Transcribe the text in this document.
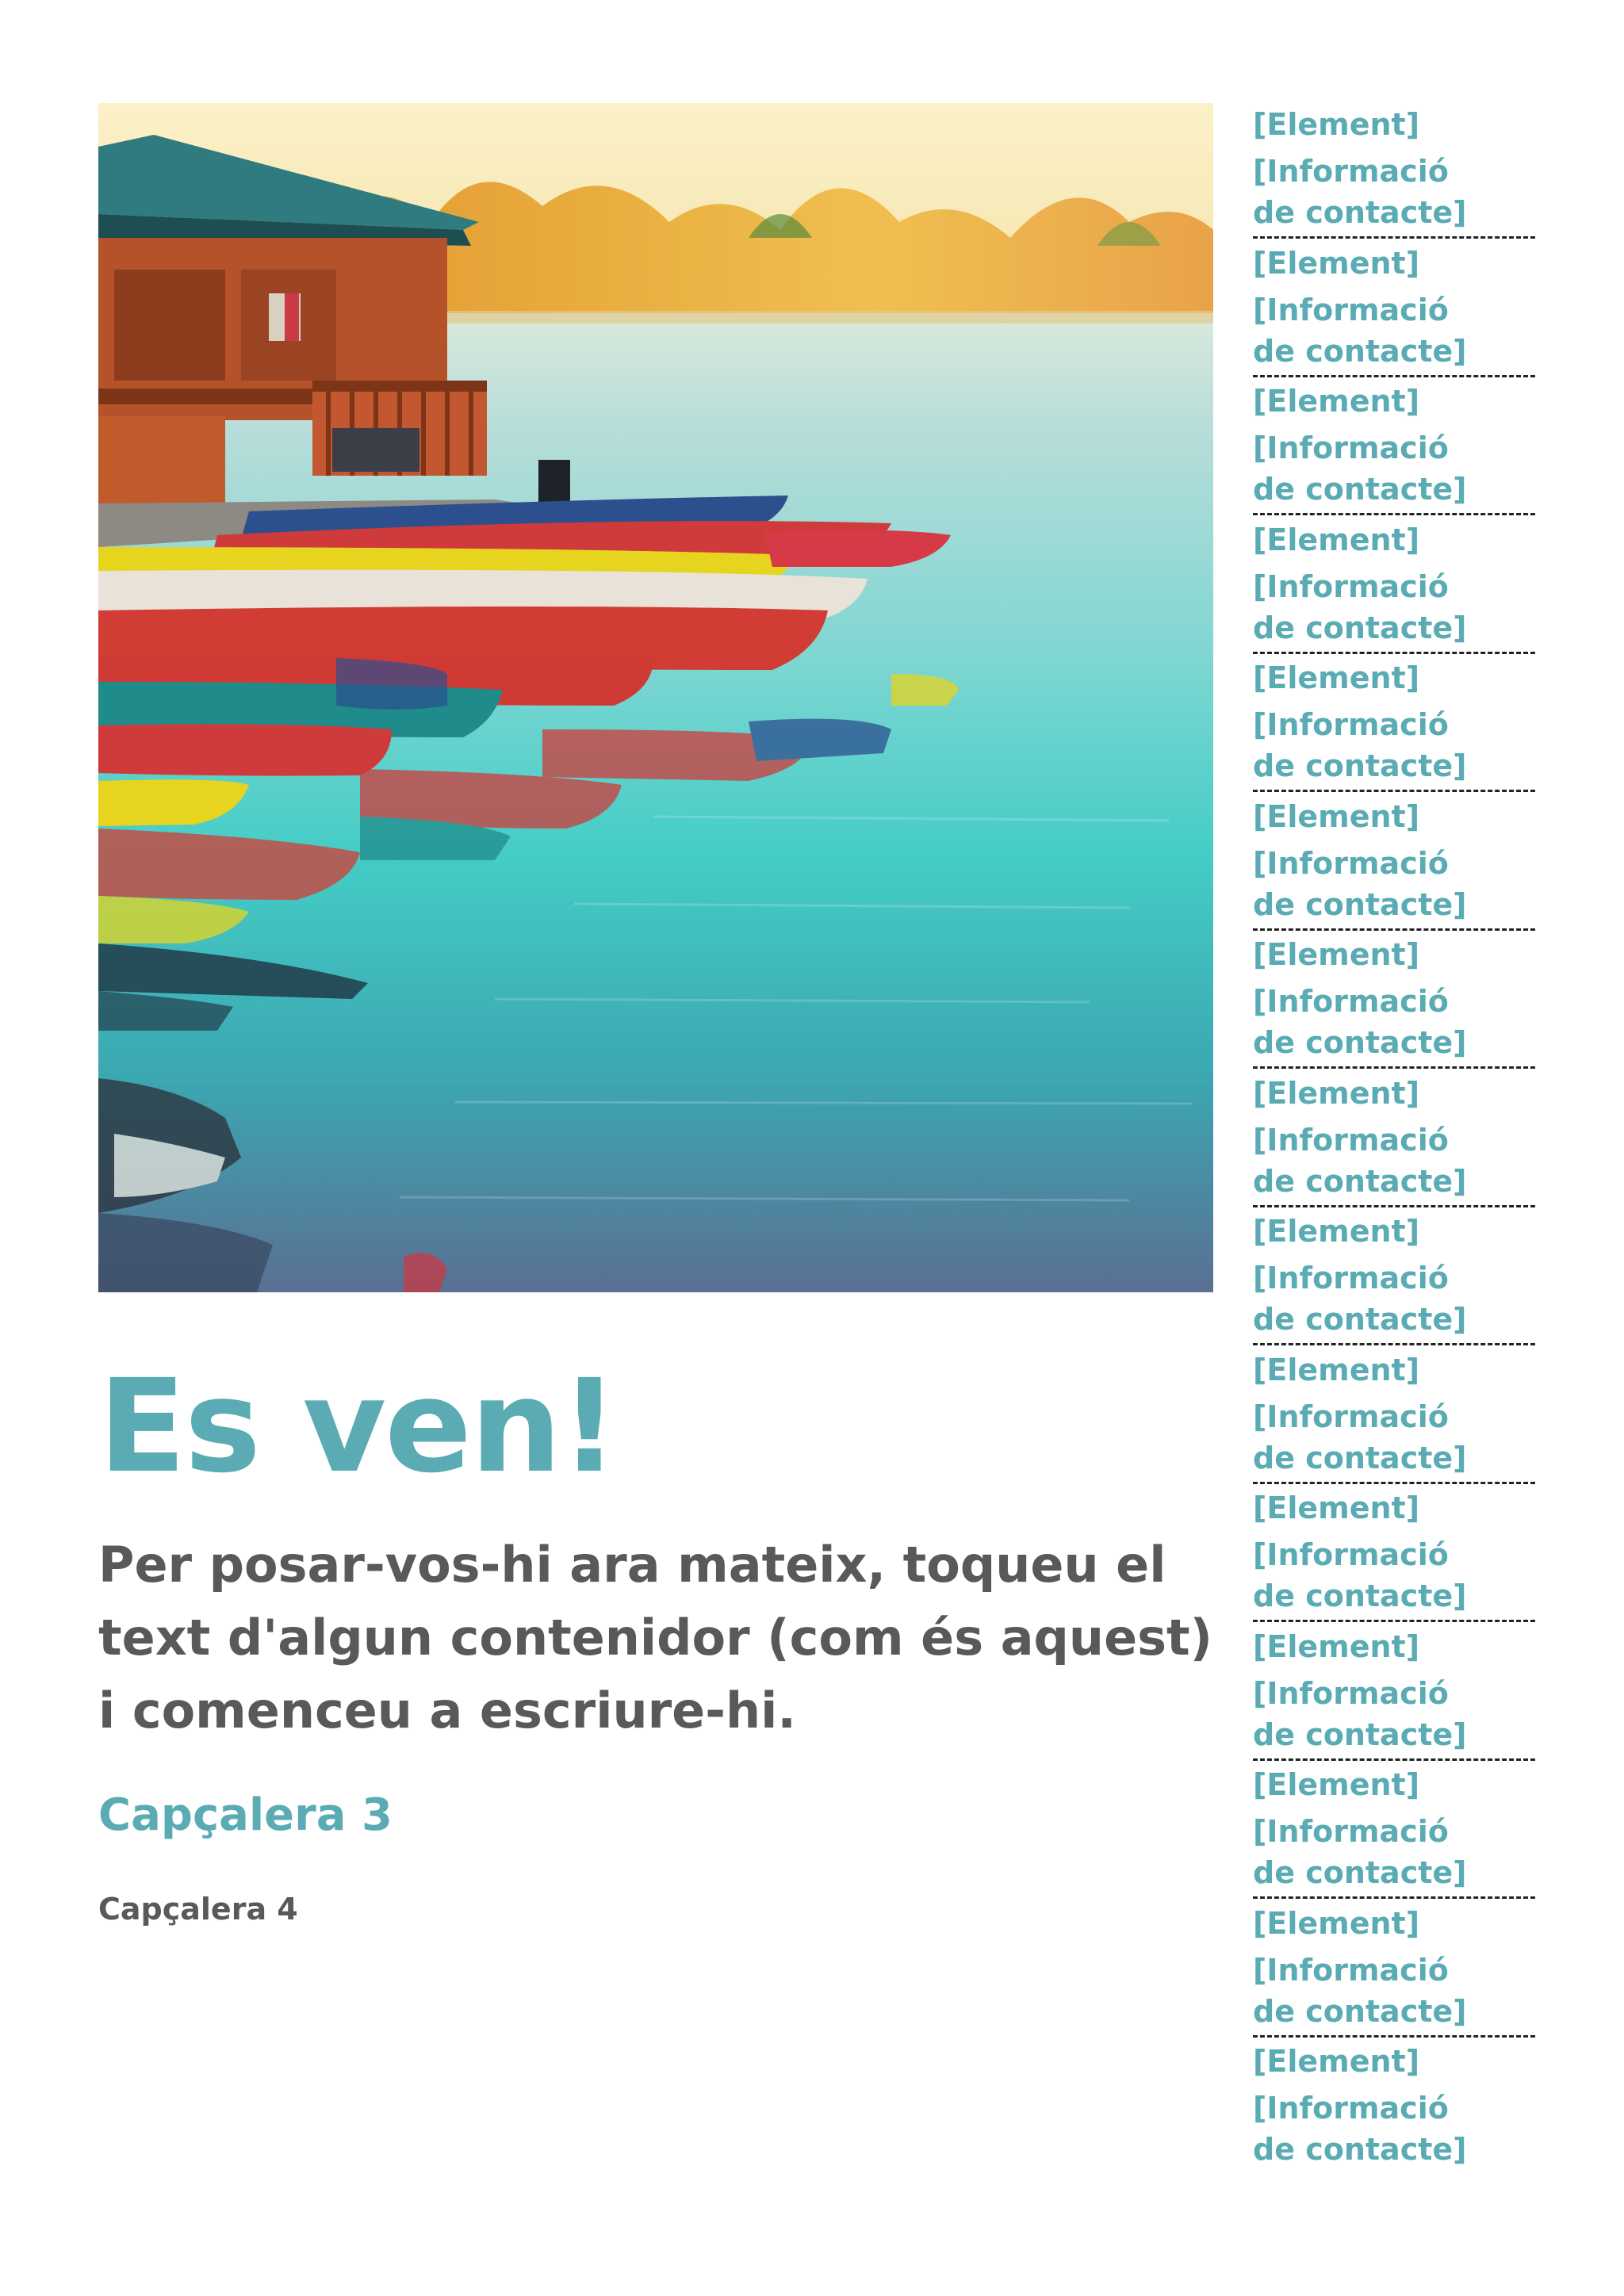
Es ven!

Per posar-vos-hi ara mateix, toqueu el text d'algun contenidor (com és aquest) i comenceu a escriure-hi.

Capçalera 3
Capçalera 4
[Element]
[Informació de contacte]
[Element]
[Informació de contacte]
[Element]
[Informació de contacte]
[Element]
[Informació de contacte]
[Element]
[Informació de contacte]
[Element]
[Informació de contacte]
[Element]
[Informació de contacte]
[Element]
[Informació de contacte]
[Element]
[Informació de contacte]
[Element]
[Informació de contacte]
[Element]
[Informació de contacte]
[Element]
[Informació de contacte]
[Element]
[Informació de contacte]
[Element]
[Informació de contacte]
[Element]
[Informació de contacte]
